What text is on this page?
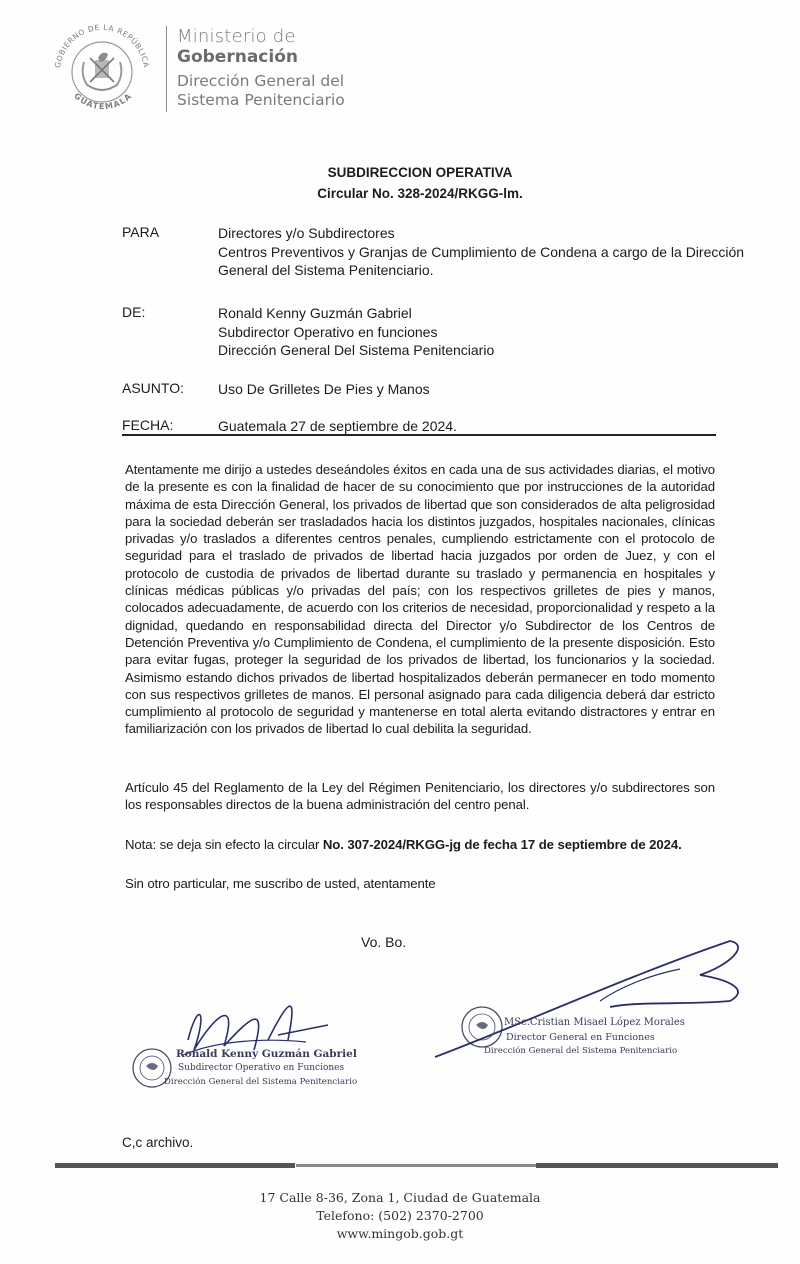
GOBIERNO DE LA REPÚBLICA
GUATEMALA
Ministerio de
Gobernación
Dirección General del
Sistema Penitenciario
SUBDIRECCION OPERATIVA
Circular No. 328-2024/RKGG-lm.
PARA	Directores y/o Subdirectores
Centros Preventivos y Granjas de Cumplimiento de Condena a cargo de la Dirección
General del Sistema Penitenciario.
DE:	Ronald Kenny Guzmán Gabriel
Subdirector Operativo en funciones
Dirección General Del Sistema Penitenciario
ASUNTO: Uso De Grilletes De Pies y Manos
FECHA:	Guatemala 27 de septiembre de 2024.
Atentamente me dirijo a ustedes deseándoles éxitos en cada una de sus actividades diarias, el motivo de la presente es con la finalidad de hacer de su conocimiento que por instrucciones de la autoridad máxima de esta Dirección General, los privados de libertad que son considerados de alta peligrosidad para la sociedad deberán ser trasladados hacia los distintos juzgados, hospitales nacionales, clínicas privadas y/o traslados a diferentes centros penales, cumpliendo estrictamente con el protocolo de seguridad para el traslado de privados de libertad hacia juzgados por orden de Juez, y con el protocolo de custodia de privados de libertad durante su traslado y permanencia en hospitales y clínicas médicas públicas y/o privadas del país; con los respectivos grilletes de pies y manos, colocados adecuadamente, de acuerdo con los criterios de necesidad, proporcionalidad y respeto a la dignidad, quedando en responsabilidad directa del Director y/o Subdirector de los Centros de Detención Preventiva y/o Cumplimiento de Condena, el cumplimiento de la presente disposición. Esto para evitar fugas, proteger la seguridad de los privados de libertad, los funcionarios y la sociedad. Asimismo estando dichos privados de libertad hospitalizados deberán permanecer en todo momento con sus respectivos grilletes de manos. El personal asignado para cada diligencia deberá dar estricto cumplimiento al protocolo de seguridad y mantenerse en total alerta evitando distractores y entrar en familiarización con los privados de libertad lo cual debilita la seguridad.
Artículo 45 del Reglamento de la Ley del Régimen Penitenciario, los directores y/o subdirectores son los responsables directos de la buena administración del centro penal.
Nota: se deja sin efecto la circular No. 307-2024/RKGG-jg de fecha 17 de septiembre de 2024.
Sin otro particular, me suscribo de usted, atentamente
Vo. Bo.
Ronald Kenny Guzmán Gabriel
Subdirector Operativo en Funciones
Dirección General del Sistema Penitenciario
MSc.Cristian Misael López Morales
Director General en Funciones
Dirección General del Sistema Penitenciario
C,c archivo.
17 Calle 8-36, Zona 1, Ciudad de Guatemala
Telefono: (502) 2370-2700
www.mingob.gob.gt
